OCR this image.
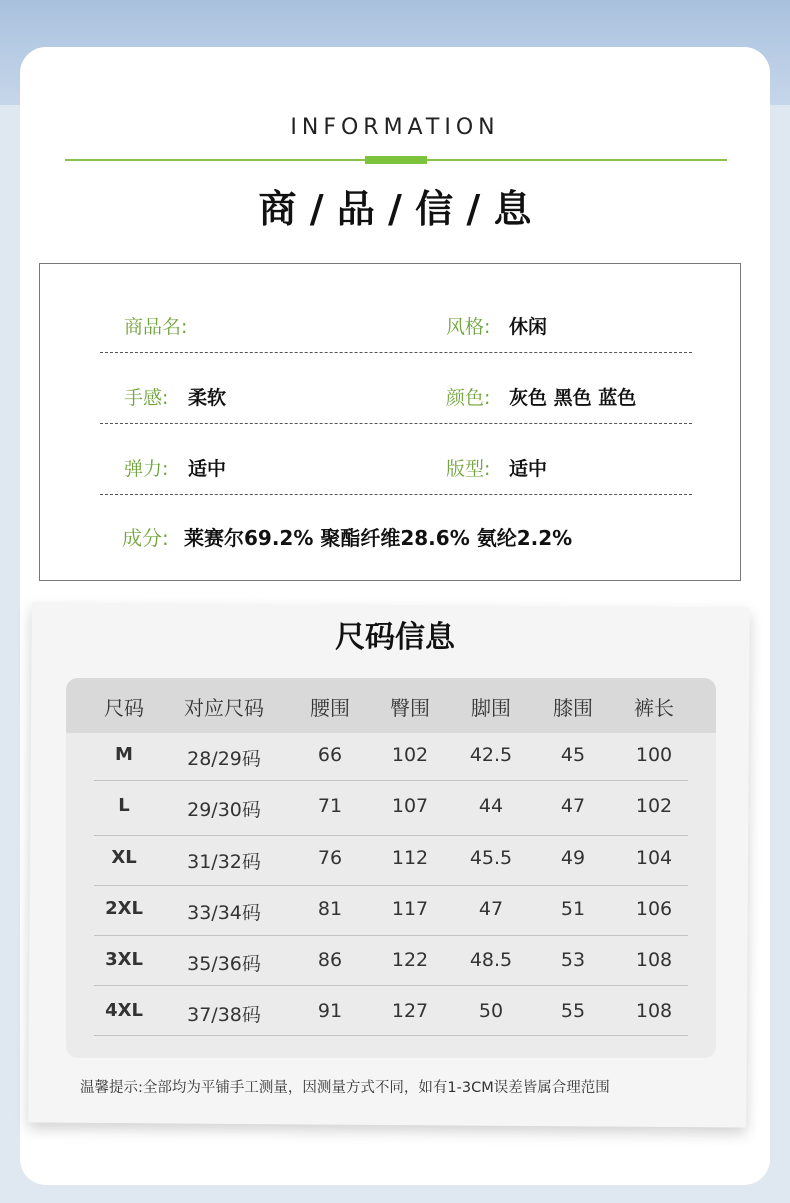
INFORMATION
商 / 品 / 信 / 息
商品名:	风格: 休闲
手感: 柔软	颜色: 灰色 黑色 蓝色
弹力: 适中	版型: 适中
成分: 莱赛尔69.2% 聚酯纤维28.6% 氨纶2.2%
尺码信息
尺码	对应尺码	腰围	臀围	脚围	膝围	裤长
M	28/29码	66	102	42.5	45	100
L	29/30码	71	107	44	47	102
XL	31/32码	76	112	45.5	49	104
2XL	33/34码	81	117	47	51	106
3XL	35/36码	86	122	48.5	53	108
4XL	37/38码	91	127	50	55	108
温馨提示:全部均为平铺手工测量，因测量方式不同，如有1-3CM误差皆属合理范围
